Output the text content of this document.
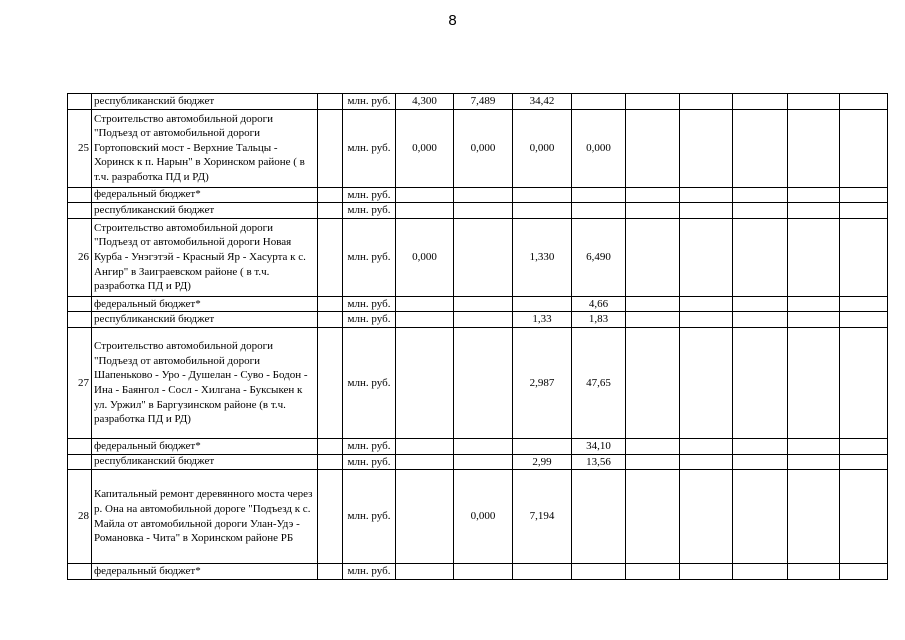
8
	республиканский бюджет		млн. руб.	4,300	7,489	34,42						
25	Строительство автомобильной дороги "Подъезд от автомобильной дороги Гортоповский мост - Верхние Тальцы - Хоринск к п. Нарын" в Хоринском районе ( в т.ч. разработка ПД и РД)		млн. руб.	0,000	0,000	0,000	0,000					
	федеральный бюджет*		млн. руб.									
	республиканский бюджет		млн. руб.									
26	Строительство автомобильной дороги "Подъезд от автомобильной дороги Новая Курба - Унэгэтэй - Красный Яр - Хасурта к с. Ангир" в Заиграевском районе ( в т.ч. разработка ПД и РД)		млн. руб.	0,000		1,330	6,490					
	федеральный бюджет*		млн. руб.				4,66					
	республиканский бюджет		млн. руб.			1,33	1,83					
27	Строительство автомобильной дороги "Подъезд от автомобильной дороги Шапеньково - Уро - Душелан - Суво - Бодон - Ина - Баянгол - Сосл - Хилгана - Буксыкен к ул. Уржил" в Баргузинском районе (в т.ч. разработка ПД и РД)		млн. руб.			2,987	47,65					
	федеральный бюджет*		млн. руб.				34,10					
	республиканский бюджет		млн. руб.			2,99	13,56					
28	Капитальный ремонт деревянного моста через р. Она на автомобильной дороге "Подъезд к с. Майла от автомобильной дороги Улан-Удэ - Романовка - Чита" в Хоринском районе РБ		млн. руб.		0,000	7,194						
	федеральный бюджет*		млн. руб.									
